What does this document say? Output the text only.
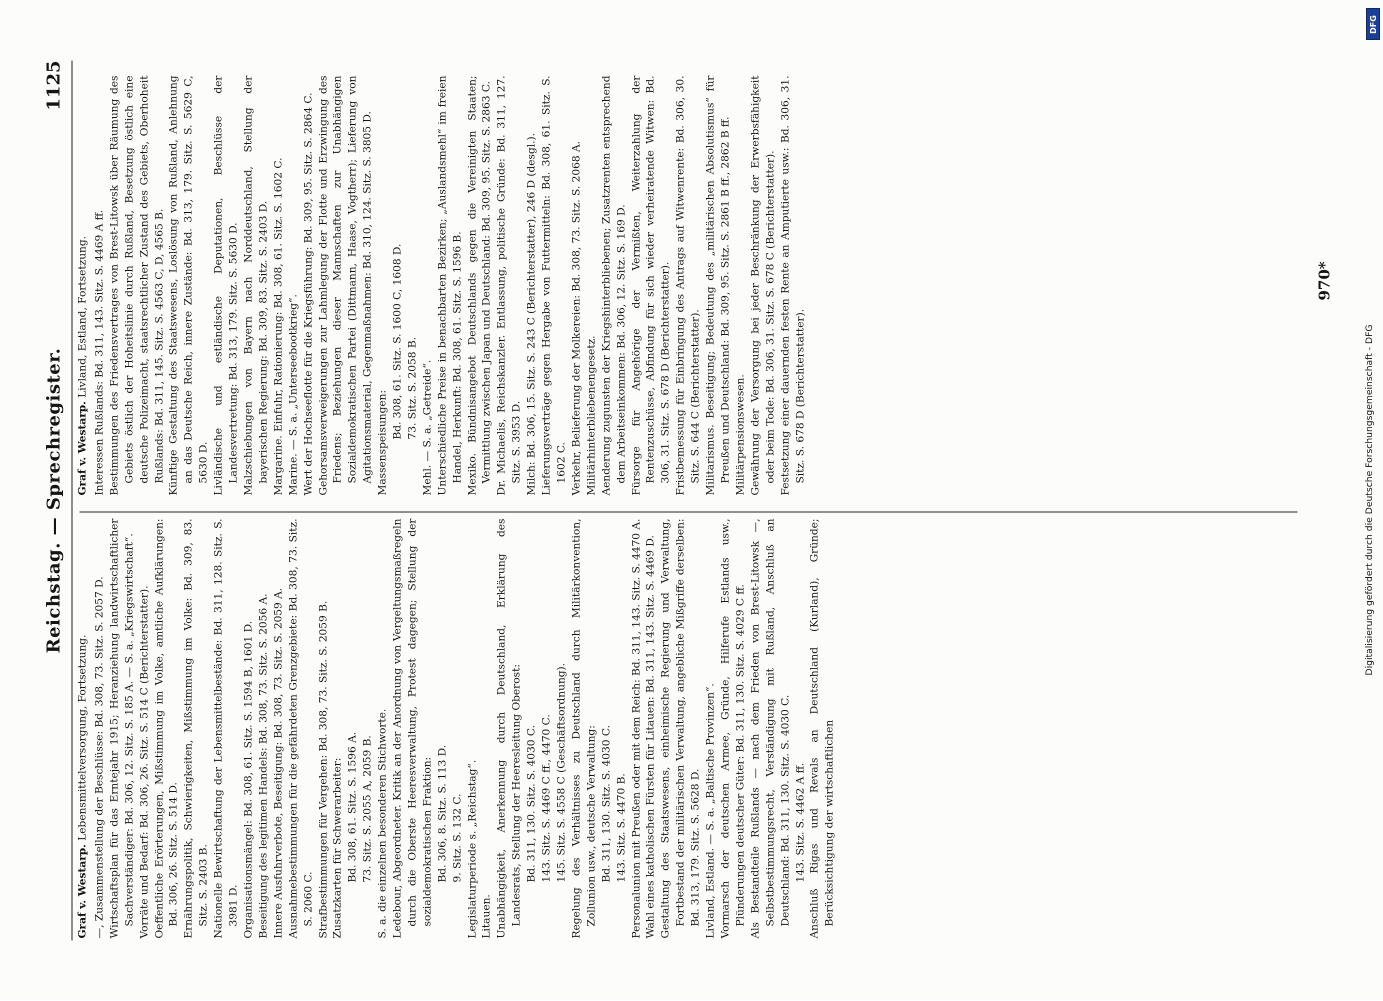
Reichstag. — Sprechregister.
1125

Graf v. Westarp. Lebensmittelversorgung, Fortsetzung. —, Zusammenstellung der Beschlüsse: Bd. 308, 73. Sitz. S. 2057 D. Wirtschaftsplan für das Erntejahr 1915; Heranziehung landwirtschaftlicher Sachverständiger: Bd. 306, 12. Sitz. S. 185 A. — S. a. „Kriegswirtschaft“. Vorräte und Bedarf: Bd. 306, 26. Sitz. S. 514 C (Berichterstatter). Oeffentliche Erörterungen, Mißstimmung im Volke, amtliche Aufklärungen: Bd. 306, 26. Sitz. S. 514 D. Ernährungspolitik, Schwierigkeiten, Mißstimmung im Volke: Bd. 309, 83. Sitz. S. 2403 B. Nationelle Bewirtschaftung der Lebensmittelbestände: Bd. 311, 128. Sitz. S. 3981 D. Organisationsmängel: Bd. 308, 61. Sitz. S. 1594 B, 1601 D. Beseitigung des legitimen Handels: Bd. 308, 73. Sitz. S. 2056 A. Innere Ausfuhrverbote, Beseitigung: Bd. 308, 73. Sitz. S. 2059 A. Ausnahmebestimmungen für die gefährdeten Grenzgebiete: Bd. 308, 73. Sitz. S. 2060 C. Strafbestimmungen für Vergehen: Bd. 308, 73. Sitz. S. 2059 B. Zusatzkarten für Schwerarbeiter: Bd. 308, 61. Sitz. S. 1596 A. 73. Sitz. S. 2055 A, 2059 B. S. a. die einzelnen besonderen Stichworte. Ledebour, Abgeordneter. Kritik an der Anordnung von Vergeltungsmaßregeln durch die Oberste Heeresverwaltung, Protest dagegen; Stellung der sozialdemokratischen Fraktion: Bd. 306, 8. Sitz. S. 113 D. 9. Sitz. S. 132 C. Legislaturperiode s. „Reichstag“. Litauen. Unabhängigkeit, Anerkennung durch Deutschland, Erklärung des Landesrats, Stellung der Heeresleitung Oberost: Bd. 311, 130. Sitz. S. 4030 C. 143. Sitz. S. 4469 C ff., 4470 C. 145. Sitz. S. 4558 C (Geschäftsordnung). Regelung des Verhältnisses zu Deutschland durch Militärkonvention, Zollunion usw., deutsche Verwaltung: Bd. 311, 130. Sitz. S. 4030 C. 143. Sitz. S. 4470 B. Personalunion mit Preußen oder mit dem Reich: Bd. 311, 143. Sitz. S. 4470 A. Wahl eines katholischen Fürsten für Litauen: Bd. 311, 143. Sitz. S. 4469 D. Gestaltung des Staatswesens, einheimische Regierung und Verwaltung, Fortbestand der militärischen Verwaltung, angebliche Mißgriffe derselben: Bd. 313, 179. Sitz. S. 5628 D. Livland, Estland. — S. a. „Baltische Provinzen“. Vormarsch der deutschen Armee, Gründe, Hilferufe Estlands usw., Plünderungen deutscher Güter: Bd. 311, 130. Sitz. S. 4029 C ff. Als Bestandteile Rußlands — nach dem Frieden von Brest-Litowsk —, Selbstbestimmungsrecht, Verständigung mit Rußland, Anschluß an Deutschland: Bd. 311, 130. Sitz. S. 4030 C. 143. Sitz. S. 4462 A ff. Anschluß Rigas und Revals an Deutschland (Kurland), Gründe; Berücksichtigung der wirtschaftlichen

Graf v. Westarp. Livland, Estland, Fortsetzung. Interessen Rußlands: Bd. 311, 143. Sitz. S. 4469 A ff. Bestimmungen des Friedensvertrages von Brest-Litowsk über Räumung des Gebiets östlich der Hoheitslinie durch Rußland, Besetzung östlich eine deutsche Polizeimacht, staatsrechtlicher Zustand des Gebiets, Oberhoheit Rußlands: Bd. 311, 145. Sitz. S. 4563 C, D, 4565 B. Künftige Gestaltung des Staatswesens, Loslösung von Rußland, Anlehnung an das Deutsche Reich, innere Zustände: Bd. 313, 179. Sitz. S. 5629 C, 5630 D. Livländische und estländische Deputationen, Beschlüsse der Landesvertretung: Bd. 313, 179. Sitz. S. 5630 D. Malzschiebungen von Bayern nach Norddeutschland, Stellung der bayerischen Regierung: Bd. 309, 83. Sitz. S. 2403 D. Margarine. Einfuhr, Rationierung: Bd. 308, 61. Sitz. S. 1602 C. Marine. — S. a. „Unterseebootkrieg“. Wert der Hochseeflotte für die Kriegsführung: Bd. 309, 95. Sitz. S. 2864 C. Gehorsamsverweigerungen zur Lahmlegung der Flotte und Erzwingung des Friedens; Beziehungen dieser Mannschaften zur Unabhängigen Sozialdemokratischen Partei (Dittmann, Haase, Vogtherr); Lieferung von Agitationsmaterial, Gegenmaßnahmen: Bd. 310, 124. Sitz. S. 3805 D. Massenspeisungen:

Bd. 308, 61. Sitz. S. 1600 C, 1608 D. 73. Sitz. S. 2058 B. Mehl. — S. a. „Getreide“. Unterschiedliche Preise in benachbarten Bezirken; „Auslandsmehl“ im freien Handel, Herkunft: Bd. 308, 61. Sitz. S. 1596 B. Mexiko. Bündnisangebot Deutschlands gegen die Vereinigten Staaten; Vermittlung zwischen Japan und Deutschland: Bd. 309, 95. Sitz. S. 2863 C. Dr. Michaelis, Reichskanzler. Entlassung, politische Gründe: Bd. 311, 127. Sitz. S. 3953 D. Milch: Bd. 306, 15. Sitz. S. 243 C (Berichterstatter), 246 D (desgl.). Lieferungsverträge gegen Hergabe von Futtermitteln: Bd. 308, 61. Sitz. S. 1602 C. Verkehr, Belieferung der Molkereien: Bd. 308, 73. Sitz. S. 2068 A. Militärhinterbliebenengesetz. Aenderung zugunsten der Kriegshinterbliebenen; Zusatzrenten entsprechend dem Arbeitseinkommen: Bd. 306, 12. Sitz. S. 169 D. Fürsorge für Angehörige der Vermißten, Weiterzahlung der Rentenzuschüsse, Abfindung für sich wieder verheiratende Witwen: Bd. 306, 31. Sitz. S. 678 D (Berichterstatter). Fristbemessung für Einbringung des Antrags auf Witwenrente: Bd. 306, 30. Sitz. S. 644 C (Berichterstatter). Militarismus. Beseitigung; Bedeutung des „militärischen Absolutismus“ für Preußen und Deutschland: Bd. 309, 95. Sitz. S. 2861 B ff., 2862 B ff. Militärpensionswesen. Gewährung der Versorgung bei jeder Beschränkung der Erwerbsfähigkeit oder beim Tode: Bd. 306, 31. Sitz. S. 678 C (Berichterstatter). Festsetzung einer dauernden festen Rente an Amputierte usw.: Bd. 306, 31. Sitz. S. 678 D (Berichterstatter).

970*
Digitalisierung gefördert durch die Deutsche Forschungsgemeinschaft - DFG
DFG
